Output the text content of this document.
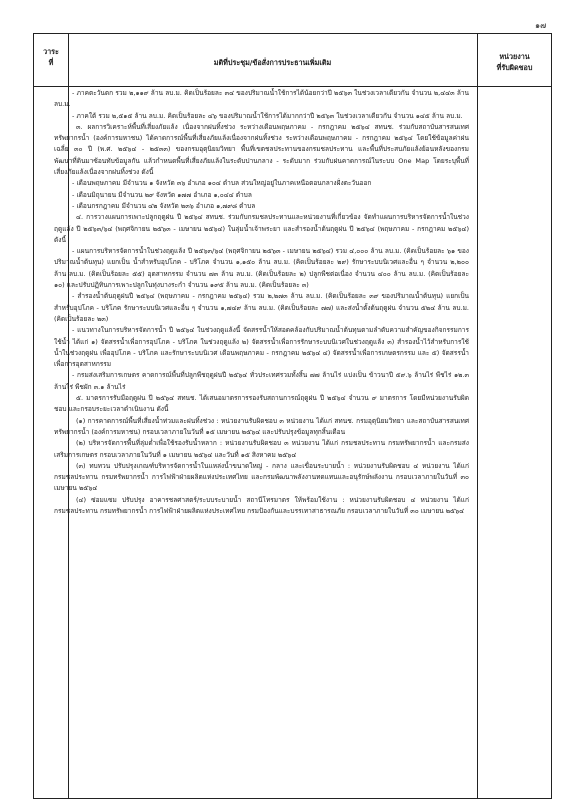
๑๗
วาระ
ที่	มติที่ประชุม/ข้อสั่งการประธานเพิ่มเติม
หน่วยงาน
ที่รับผิดชอบ

- ภาคตะวันตก รวม ๒,๑๑๙ ล้าน ลบ.ม. คิดเป็นร้อยละ ๓๔ ของปริมาณน้ำใช้การได้น้อยกว่าปี ๒๕๖๓ ในช่วงเวลาเดียวกัน จำนวน ๒,๔๔๓ ล้าน ลบ.ม.

- ภาคใต้ รวม ๒,๕๑๕ ล้าน ลบ.ม. คิดเป็นร้อยละ ๔๖ ของปริมาณน้ำใช้การได้มากกว่าปี ๒๕๖๓ ในช่วงเวลาเดียวกัน จำนวน ๑๔๕ ล้าน ลบ.ม.

๓. ผลการวิเคราะห์พื้นที่เสี่ยงภัยแล้ง เนื่องจากฝนทิ้งช่วง ระหว่างเดือนพฤษภาคม - กรกฎาคม ๒๕๖๔ สทนช. ร่วมกับสถาบันสารสนเทศทรัพยากรน้ำ (องค์การมหาชน) ได้คาดการณ์พื้นที่เสี่ยงภัยแล้งเนื่องจากฝนทิ้งช่วง ระหว่างเดือนพฤษภาคม - กรกฎาคม ๒๕๖๔ โดยใช้ข้อมูลค่าฝนเฉลี่ย ๓๐ ปี (พ.ศ. ๒๕๖๔ - ๒๕๓๓) ของกรมอุตุนิยมวิทยา พื้นที่เขตชลประทานของกรมชลประทาน และพื้นที่ประสบภัยแล้งย้อนหลังของกรมพัฒนาที่ดินมาซ้อนทับข้อมูลกัน แล้วกำหนดพื้นที่เสี่ยงภัยแล้งในระดับปานกลาง - ระดับมาก ร่วมกับฝนคาดการณ์ในระบบ One Map โดยระบุพื้นที่เสี่ยงภัยแล้งเนื่องจากฝนทิ้งช่วง ดังนี้

- เดือนพฤษภาคม มีจำนวน ๑ จังหวัด ๓๖ อำเภอ ๑๐๔ ตำบล ส่วนใหญ่อยู่ในภาคเหนือตอนกลางฝั่งตะวันออก

- เดือนมิถุนายน มีจำนวน ๒๙ จังหวัด ๑๗๗ อำเภอ ๑,๐๔๔ ตำบล

- เดือนกรกฎาคม มีจำนวน ๔๒ จังหวัด ๒๓๖ อำเภอ ๑,๗๙๘ ตำบล

๔. การวางแผนการเพาะปลูกฤดูฝน ปี ๒๕๖๔ สทนช. ร่วมกับกรมชลประทานและหน่วยงานที่เกี่ยวข้อง จัดทำแผนการบริหารจัดการน้ำในช่วงฤดูแล้ง ปี ๒๕๖๓/๖๔ (พฤศจิกายน ๒๕๖๓ - เมษายน ๒๕๖๔) ในลุ่มน้ำเจ้าพระยา และสำรองน้ำต้นฤดูฝน ปี ๒๕๖๔ (พฤษภาคม - กรกฎาคม ๒๕๖๔) ดังนี้

- แผนการบริหารจัดการน้ำในช่วงฤดูแล้ง ปี ๒๕๖๓/๖๔ (พฤศจิกายน ๒๕๖๓ - เมษายน ๒๕๖๔) รวม ๔,๐๐๐ ล้าน ลบ.ม. (คิดเป็นร้อยละ ๖๑ ของปริมาณน้ำต้นทุน) แยกเป็น น้ำสำหรับอุปโภค - บริโภค จำนวน ๑,๑๕๐ ล้าน ลบ.ม. (คิดเป็นร้อยละ ๒๙) รักษาระบบนิเวศและอื่น ๆ จำนวน ๒,๒๐๐ ล้าน ลบ.ม. (คิดเป็นร้อยละ ๕๕) อุตสาหกรรม จำนวน ๗๓ ล้าน ลบ.ม. (คิดเป็นร้อยละ ๒) ปลูกพืชต่อเนื่อง จำนวน ๔๐๐ ล้าน ลบ.ม. (คิดเป็นร้อยละ ๑๐) และปรับปฏิทินการเพาะปลูกในทุ่งบางระกำ จำนวน ๑๙๕ ล้าน ลบ.ม. (คิดเป็นร้อยละ ๓)

- สำรองน้ำต้นฤดูฝนปี ๒๕๖๔ (พฤษภาคม - กรกฎาคม ๒๕๖๔) รวม ๒,๒๗๓ ล้าน ลบ.ม. (คิดเป็นร้อยละ ๓๙ ของปริมาณน้ำต้นทุน) แยกเป็น สำหรับอุปโภค - บริโภค รักษาระบบนิเวศและอื่น ๆ จำนวน ๑,๗๔๙ ล้าน ลบ.ม. (คิดเป็นร้อยละ ๗๗) และส่งน้ำตั้งต้นฤดูฝน จำนวน ๕๒๔ ล้าน ลบ.ม. (คิดเป็นร้อยละ ๒๓)

- แนวทางในการบริหารจัดการน้ำ ปี ๒๕๖๔ ในช่วงฤดูแล้งนี้ จัดสรรน้ำให้สอดคล้องกับปริมาณน้ำต้นทุนตามลำดับความสำคัญของกิจกรรมการใช้น้ำ ได้แก่ ๑) จัดสรรน้ำเพื่อการอุปโภค - บริโภค ในช่วงฤดูแล้ง ๒) จัดสรรน้ำเพื่อการรักษาระบบนิเวศในช่วงฤดูแล้ง ๓) สำรองน้ำไว้สำหรับการใช้น้ำในช่วงฤดูฝน เพื่ออุปโภค - บริโภค และรักษาระบบนิเวศ เดือนพฤษภาคม - กรกฎาคม ๒๕๖๔ ๔) จัดสรรน้ำเพื่อการเกษตรกรรม และ ๕) จัดสรรน้ำเพื่อการอุตสาหกรรม

- กรมส่งเสริมการเกษตร คาดการณ์พื้นที่ปลูกพืชฤดูฝนปี ๒๕๖๔ ทั่วประเทศรวมทั้งสิ้น ๗๗ ล้านไร่ แบ่งเป็น ข้าวนาปี ๕๙.๖ ล้านไร่ พืชไร่ ๑๒.๓ ล้านไร่ พืชผัก ๓.๑ ล้านไร่

๕. มาตรการรับมือฤดูฝน ปี ๒๕๖๔ สทนช. ได้เสนอมาตรการรองรับสถานการณ์ฤดูฝน ปี ๒๕๖๔ จำนวน ๙ มาตรการ โดยมีหน่วยงานรับผิดชอบ และกรอบระยะเวลาดำเนินงาน ดังนี้

(๑) การคาดการณ์พื้นที่เสี่ยงน้ำท่วมและฝนทิ้งช่วง : หน่วยงานรับผิดชอบ ๓ หน่วยงาน ได้แก่ สทนช. กรมอุตุนิยมวิทยา และสถาบันสารสนเทศทรัพยากรน้ำ (องค์การมหาชน) กรอบเวลาภายในวันที่ ๑๕ เมษายน ๒๕๖๔ และปรับปรุงข้อมูลทุกสิ้นเดือน

(๒) บริหารจัดการพื้นที่ลุ่มต่ำเพื่อใช้รองรับน้ำหลาก : หน่วยงานรับผิดชอบ ๓ หน่วยงาน ได้แก่ กรมชลประทาน กรมทรัพยากรน้ำ และกรมส่งเสริมการเกษตร กรอบเวลาภายในวันที่ ๑ เมษายน ๒๕๖๔ และวันที่ ๑๕ สิงหาคม ๒๕๖๔

(๓) ทบทวน ปรับปรุงเกณฑ์บริหารจัดการน้ำในแหล่งน้ำขนาดใหญ่ - กลาง และเขื่อนระบายน้ำ : หน่วยงานรับผิดชอบ ๔ หน่วยงาน ได้แก่ กรมชลประทาน กรมทรัพยากรน้ำ การไฟฟ้าฝ่ายผลิตแห่งประเทศไทย และกรมพัฒนาพลังงานทดแทนและอนุรักษ์พลังงาน กรอบเวลาภายในวันที่ ๓๐ เมษายน ๒๕๖๔

(๔) ซ่อมแซม ปรับปรุง อาคารชลศาสตร์/ระบบระบายน้ำ สถานีโทรมาตร ให้พร้อมใช้งาน : หน่วยงานรับผิดชอบ ๔ หน่วยงาน ได้แก่ กรมชลประทาน กรมทรัพยากรน้ำ การไฟฟ้าฝ่ายผลิตแห่งประเทศไทย กรมป้องกันและบรรเทาสาธารณภัย กรอบเวลาภายในวันที่ ๓๐ เมษายน ๒๕๖๔
